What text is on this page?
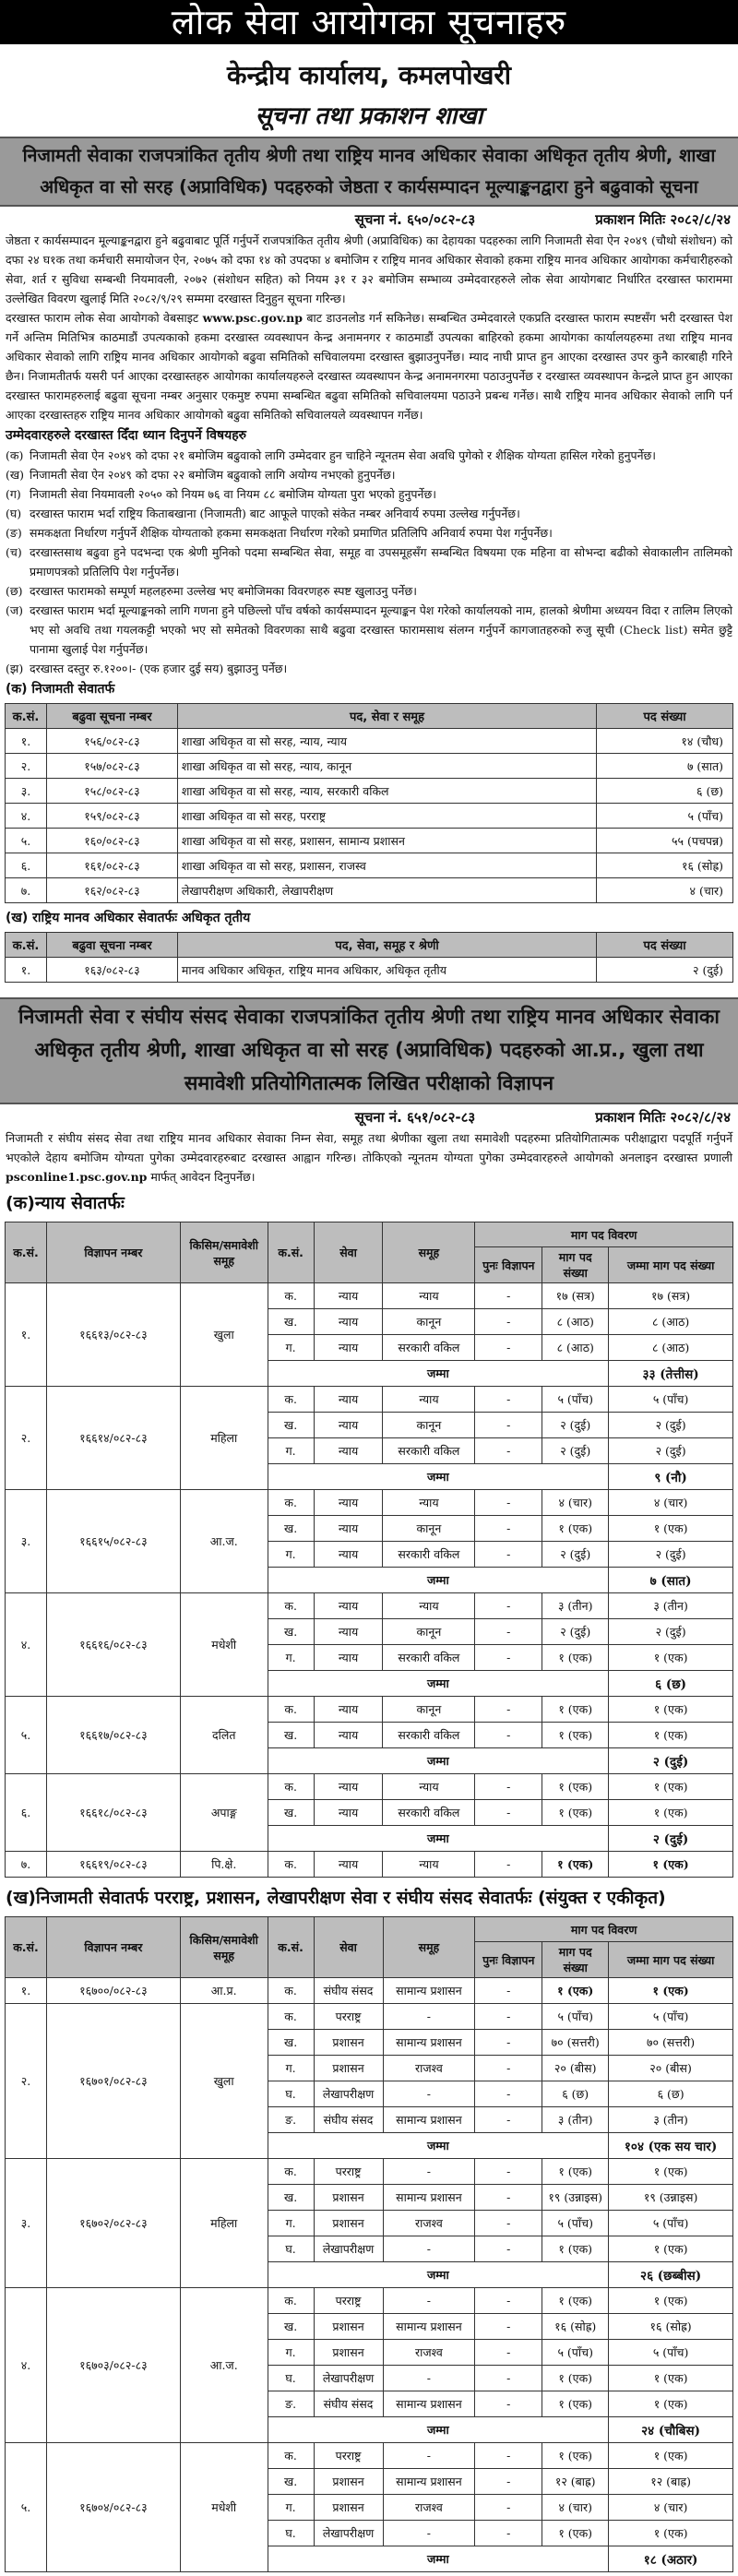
लोक सेवा आयोगका सूचनाहरु
केन्द्रीय कार्यालय, कमलपोखरी
सूचना तथा प्रकाशन शाखा
निजामती सेवाका राजपत्रांकित तृतीय श्रेणी तथा राष्ट्रिय मानव अधिकार सेवाका अधिकृत तृतीय श्रेणी, शाखा अधिकृत वा सो सरह (अप्राविधिक) पदहरुको जेष्ठता र कार्यसम्पादन मूल्याङ्कनद्वारा हुने बढुवाको सूचना
सूचना नं. ६५०/०८२-८३	प्रकाशन मितिः २०८२/८/२४

जेष्ठता र कार्यसम्पादन मूल्याङ्कनद्वारा हुने बढुवाबाट पूर्ति गर्नुपर्ने राजपत्रांकित तृतीय श्रेणी (अप्राविधिक) का देहायका पदहरुका लागि निजामती सेवा ऐन २०४९ (चौथो संशोधन) को दफा २४ घ१क तथा कर्मचारी समायोजन ऐन, २०७५ को दफा १४ को उपदफा ४ बमोजिम र राष्ट्रिय मानव अधिकार सेवाको हकमा राष्ट्रिय मानव अधिकार आयोगका कर्मचारीहरुको सेवा, शर्त र सुविधा सम्बन्धी नियमावली, २०७२ (संशोधन सहित) को नियम ३१ र ३२ बमोजिम सम्भाव्य उम्मेदवारहरुले लोक सेवा आयोगबाट निर्धारित दरखास्त फाराममा उल्लेखित विवरण खुलाई मिति २०८२/९/२९ सम्ममा दरखास्त दिनुहुन सूचना गरिन्छ।

दरखास्त फाराम लोक सेवा आयोगको वेबसाइट www.psc.gov.np बाट डाउनलोड गर्न सकिनेछ। सम्बन्धित उम्मेदवारले एकप्रति दरखास्त फाराम स्पष्टसँग भरी दरखास्त पेश गर्ने अन्तिम मितिभित्र काठमाडौं उपत्यकाको हकमा दरखास्त व्यवस्थापन केन्द्र अनामनगर र काठमाडौं उपत्यका बाहिरको हकमा आयोगका कार्यालयहरुमा तथा राष्ट्रिय मानव अधिकार सेवाको लागि राष्ट्रिय मानव अधिकार आयोगको बढुवा समितिको सचिवालयमा दरखास्त बुझाउनुपर्नेछ। म्याद नाघी प्राप्त हुन आएका दरखास्त उपर कुनै कारबाही गरिने छैन। निजामतीतर्फ यसरी पर्न आएका दरखास्तहरु आयोगका कार्यालयहरुले दरखास्त व्यवस्थापन केन्द्र अनामनगरमा पठाउनुपर्नेछ र दरखास्त व्यवस्थापन केन्द्रले प्राप्त हुन आएका दरखास्त फारामहरुलाई बढुवा सूचना नम्बर अनुसार एकमुष्ट रुपमा सम्बन्धित बढुवा समितिको सचिवालयमा पठाउने प्रबन्ध गर्नेछ। साथै राष्ट्रिय मानव अधिकार सेवाको लागि पर्न आएका दरखास्तहरु राष्ट्रिय मानव अधिकार आयोगको बढुवा समितिको सचिवालयले व्यवस्थापन गर्नेछ।

उम्मेदवारहरुले दरखास्त दिँदा ध्यान दिनुपर्ने विषयहरु
(क) निजामती सेवा ऐन २०४९ को दफा २१ बमोजिम बढुवाको लागि उम्मेदवार हुन चाहिने न्यूनतम सेवा अवधि पुगेको र शैक्षिक योग्यता हासिल गरेको हुनुपर्नेछ।
(ख) निजामती सेवा ऐन २०४९ को दफा २२ बमोजिम बढुवाको लागि अयोग्य नभएको हुनुपर्नेछ।
(ग) निजामती सेवा नियमावली २०५० को नियम ७६ वा नियम ८८ बमोजिम योग्यता पुरा भएको हुनुपर्नेछ।
(घ) दरखास्त फाराम भर्दा राष्ट्रिय किताबखाना (निजामती) बाट आफूले पाएको संकेत नम्बर अनिवार्य रुपमा उल्लेख गर्नुपर्नेछ।
(ङ) समकक्षता निर्धारण गर्नुपर्ने शैक्षिक योग्यताको हकमा समकक्षता निर्धारण गरेको प्रमाणित प्रतिलिपि अनिवार्य रुपमा पेश गर्नुपर्नेछ।
(च) दरखास्तसाथ बढुवा हुने पदभन्दा एक श्रेणी मुनिको पदमा सम्बन्धित सेवा, समूह वा उपसमूहसँग सम्बन्धित विषयमा एक महिना वा सोभन्दा बढीको सेवाकालीन तालिमको प्रमाणपत्रको प्रतिलिपि पेश गर्नुपर्नेछ।
(छ) दरखास्त फारामको सम्पूर्ण महलहरुमा उल्लेख भए बमोजिमका विवरणहरु स्पष्ट खुलाउनु पर्नेछ।
(ज) दरखास्त फाराम भर्दा मूल्याङ्कनको लागि गणना हुने पछिल्लो पाँच वर्षको कार्यसम्पादन मूल्याङ्कन पेश गरेको कार्यालयको नाम, हालको श्रेणीमा अध्ययन विदा र तालिम लिएको भए सो अवधि तथा गयलकट्टी भएको भए सो समेतको विवरणका साथै बढुवा दरखास्त फारामसाथ संलग्न गर्नुपर्ने कागजातहरुको रुजु सूची (Check list) समेत छुट्टै पानामा खुलाई पेश गर्नुपर्नेछ।
(झ) दरखास्त दस्तुर रु.१२००।- (एक हजार दुई सय) बुझाउनु पर्नेछ।
(क) निजामती सेवातर्फ
क.सं.	बढुवा सूचना नम्बर	पद, सेवा र समूह	पद संख्या
१.	१५६/०८२-८३	शाखा अधिकृत वा सो सरह, न्याय, न्याय	१४ (चौध)
२.	१५७/०८२-८३	शाखा अधिकृत वा सो सरह, न्याय, कानून	७ (सात)
३.	१५८/०८२-८३	शाखा अधिकृत वा सो सरह, न्याय, सरकारी वकिल	६ (छ)
४.	१५९/०८२-८३	शाखा अधिकृत वा सो सरह, परराष्ट्र	५ (पाँच)
५.	१६०/०८२-८३	शाखा अधिकृत वा सो सरह, प्रशासन, सामान्य प्रशासन	५५ (पचपन्न)
६.	१६१/०८२-८३	शाखा अधिकृत वा सो सरह, प्रशासन, राजस्व	१६ (सोह्र)
७.	१६२/०८२-८३	लेखापरीक्षण अधिकारी, लेखापरीक्षण	४ (चार)
(ख) राष्ट्रिय मानव अधिकार सेवातर्फः अधिकृत तृतीय
क.सं.	बढुवा सूचना नम्बर	पद, सेवा, समूह र श्रेणी	पद संख्या
१.	१६३/०८२-८३	मानव अधिकार अधिकृत, राष्ट्रिय मानव अधिकार, अधिकृत तृतीय	२ (दुई)
निजामती सेवा र संघीय संसद सेवाका राजपत्रांकित तृतीय श्रेणी तथा राष्ट्रिय मानव अधिकार सेवाका अधिकृत तृतीय श्रेणी, शाखा अधिकृत वा सो सरह (अप्राविधिक) पदहरुको आ.प्र., खुला तथा समावेशी प्रतियोगितात्मक लिखित परीक्षाको विज्ञापन
सूचना नं. ६५१/०८२-८३	प्रकाशन मितिः २०८२/८/२४

निजामती र संघीय संसद सेवा तथा राष्ट्रिय मानव अधिकार सेवाका निम्न सेवा, समूह तथा श्रेणीका खुला तथा समावेशी पदहरुमा प्रतियोगितात्मक परीक्षाद्वारा पदपूर्ति गर्नुपर्ने भएकोले देहाय बमोजिम योग्यता पुगेका उम्मेदवारहरुबाट दरखास्त आह्वान गरिन्छ। तोकिएको न्यूनतम योग्यता पुगेका उम्मेदवारहरुले आयोगको अनलाइन दरखास्त प्रणाली psconline1.psc.gov.np मार्फत् आवेदन दिनुपर्नेछ।

(क)न्याय सेवातर्फः
क.सं.	विज्ञापन नम्बर	किसिम/समावेशी समूह	क.सं.	सेवा	समूह	माग पद विवरण		
						पुनः विज्ञापन	माग पद संख्या	जम्मा माग पद संख्या
१.	१६६१३/०८२-८३	खुला	क.	न्याय	न्याय	-	१७ (सत्र)	१७ (सत्र)
			ख.	न्याय	कानून	-	८ (आठ)	८ (आठ)
			ग.	न्याय	सरकारी वकिल	-	८ (आठ)	८ (आठ)
			जम्मा					३३ (तेत्तीस)
२.	१६६१४/०८२-८३	महिला	क.	न्याय	न्याय	-	५ (पाँच)	५ (पाँच)
			ख.	न्याय	कानून	-	२ (दुई)	२ (दुई)
			ग.	न्याय	सरकारी वकिल	-	२ (दुई)	२ (दुई)
			जम्मा					९ (नौ)
३.	१६६१५/०८२-८३	आ.ज.	क.	न्याय	न्याय	-	४ (चार)	४ (चार)
			ख.	न्याय	कानून	-	१ (एक)	१ (एक)
			ग.	न्याय	सरकारी वकिल	-	२ (दुई)	२ (दुई)
			जम्मा					७ (सात)
४.	१६६१६/०८२-८३	मधेशी	क.	न्याय	न्याय	-	३ (तीन)	३ (तीन)
			ख.	न्याय	कानून	-	२ (दुई)	२ (दुई)
			ग.	न्याय	सरकारी वकिल	-	१ (एक)	१ (एक)
			जम्मा					६ (छ)
५.	१६६१७/०८२-८३	दलित	क.	न्याय	कानून	-	१ (एक)	१ (एक)
			ख.	न्याय	सरकारी वकिल	-	१ (एक)	१ (एक)
			जम्मा					२ (दुई)
६.	१६६१८/०८२-८३	अपाङ्ग	क.	न्याय	न्याय	-	१ (एक)	१ (एक)
			ख.	न्याय	सरकारी वकिल	-	१ (एक)	१ (एक)
			जम्मा					२ (दुई)
७.	१६६१९/०८२-८३	पि.क्षे.	क.	न्याय	न्याय	-	१ (एक)	१ (एक)
(ख)निजामती सेवातर्फ परराष्ट्र, प्रशासन, लेखापरीक्षण सेवा र संघीय संसद सेवातर्फः (संयुक्त र एकीकृत)
क.सं.	विज्ञापन नम्बर	किसिम/समावेशी समूह	क.सं.	सेवा	समूह	माग पद विवरण		
						पुनः विज्ञापन	माग पद संख्या	जम्मा माग पद संख्या
१.	१६७००/०८२-८३	आ.प्र.	क.	संघीय संसद	सामान्य प्रशासन	-	१ (एक)	१ (एक)
२.	१६७०१/०८२-८३	खुला	क.	परराष्ट्र	-	-	५ (पाँच)	५ (पाँच)
			ख.	प्रशासन	सामान्य प्रशासन	-	७० (सत्तरी)	७० (सत्तरी)
			ग.	प्रशासन	राजश्व	-	२० (बीस)	२० (बीस)
			घ.	लेखापरीक्षण	-	-	६ (छ)	६ (छ)
			ङ.	संघीय संसद	सामान्य प्रशासन	-	३ (तीन)	३ (तीन)
			जम्मा					१०४ (एक सय चार)
३.	१६७०२/०८२-८३	महिला	क.	परराष्ट्र	-	-	१ (एक)	१ (एक)
			ख.	प्रशासन	सामान्य प्रशासन	-	१९ (उन्नाइस)	१९ (उन्नाइस)
			ग.	प्रशासन	राजश्व	-	५ (पाँच)	५ (पाँच)
			घ.	लेखापरीक्षण	-	-	१ (एक)	१ (एक)
			जम्मा					२६ (छब्बीस)
४.	१६७०३/०८२-८३	आ.ज.	क.	परराष्ट्र	-	-	१ (एक)	१ (एक)
			ख.	प्रशासन	सामान्य प्रशासन	-	१६ (सोह्र)	१६ (सोह्र)
			ग.	प्रशासन	राजश्व	-	५ (पाँच)	५ (पाँच)
			घ.	लेखापरीक्षण	-	-	१ (एक)	१ (एक)
			ङ.	संघीय संसद	सामान्य प्रशासन	-	१ (एक)	१ (एक)
			जम्मा					२४ (चौबिस)
५.	१६७०४/०८२-८३	मधेशी	क.	परराष्ट्र	-	-	१ (एक)	१ (एक)
			ख.	प्रशासन	सामान्य प्रशासन	-	१२ (बाह्र)	१२ (बाह्र)
			ग.	प्रशासन	राजश्व	-	४ (चार)	४ (चार)
			घ.	लेखापरीक्षण	-	-	१ (एक)	१ (एक)
			जम्मा					१८ (अठार)
